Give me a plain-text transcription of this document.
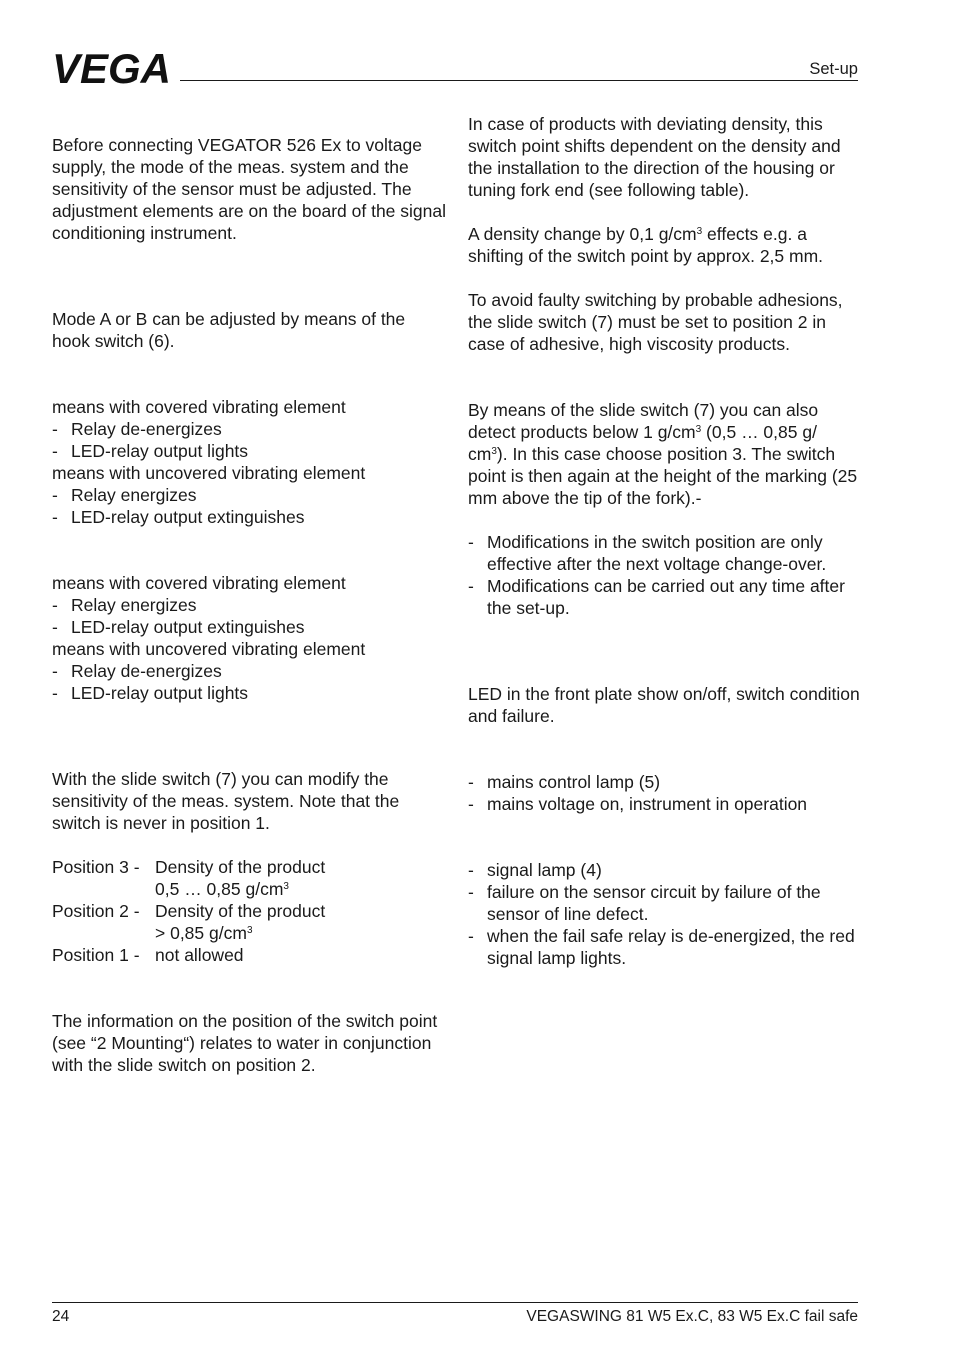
VEGA	Set-up

Before connecting VEGATOR 526 Ex to voltage supply, the mode of the meas. system and the sensitivity of the sensor must be adjusted. The adjustment elements are on the board of the signal conditioning instrument.

Mode A or B can be adjusted by means of the hook switch (6).

means with covered vibrating element

- Relay de-energizes
- LED-relay output lights

means with uncovered vibrating element

- Relay energizes
- LED-relay output extinguishes

means with covered vibrating element

- Relay energizes
- LED-relay output extinguishes

means with uncovered vibrating element

- Relay de-energizes
- LED-relay output lights

With the slide switch (7) you can modify the sensitivity of the meas. system. Note that the switch is never in position 1.

Position 3 - Density of the product
0,5 … 0,85 $g/cm^3$
Position 2 - Density of the product
> 0,85 $g/cm^3$
Position 1 - not allowed

The information on the position of the switch point (see “2 Mounting“) relates to water in conjunction with the slide switch on position 2.

In case of products with deviating density, this switch point shifts dependent on the density and the installation to the direction of the housing or tuning fork end (see following table).

A density change by 0,1 $g/cm^3$ effects e.g. a shifting of the switch point by approx. 2,5 mm.

To avoid faulty switching by probable adhesions, the slide switch (7) must be set to position 2 in case of adhesive, high viscosity products.

By means of the slide switch (7) you can also detect products below 1 $g/cm^3$ (0,5 … 0,85 g/ $cm^3$). In this case choose position 3. The switch point is then again at the height of the marking (25 mm above the tip of the fork).-

- Modifications in the switch position are only effective after the next voltage change-over.
- Modifications can be carried out any time after the set-up.

LED in the front plate show on/off, switch condition and failure.

- mains control lamp (5)
- mains voltage on, instrument in operation
- signal lamp (4)
- failure on the sensor circuit by failure of the sensor of line defect.
- when the fail safe relay is de-energized, the red signal lamp lights.
24	VEGASWING 81 W5 Ex.C, 83 W5 Ex.C fail safe
